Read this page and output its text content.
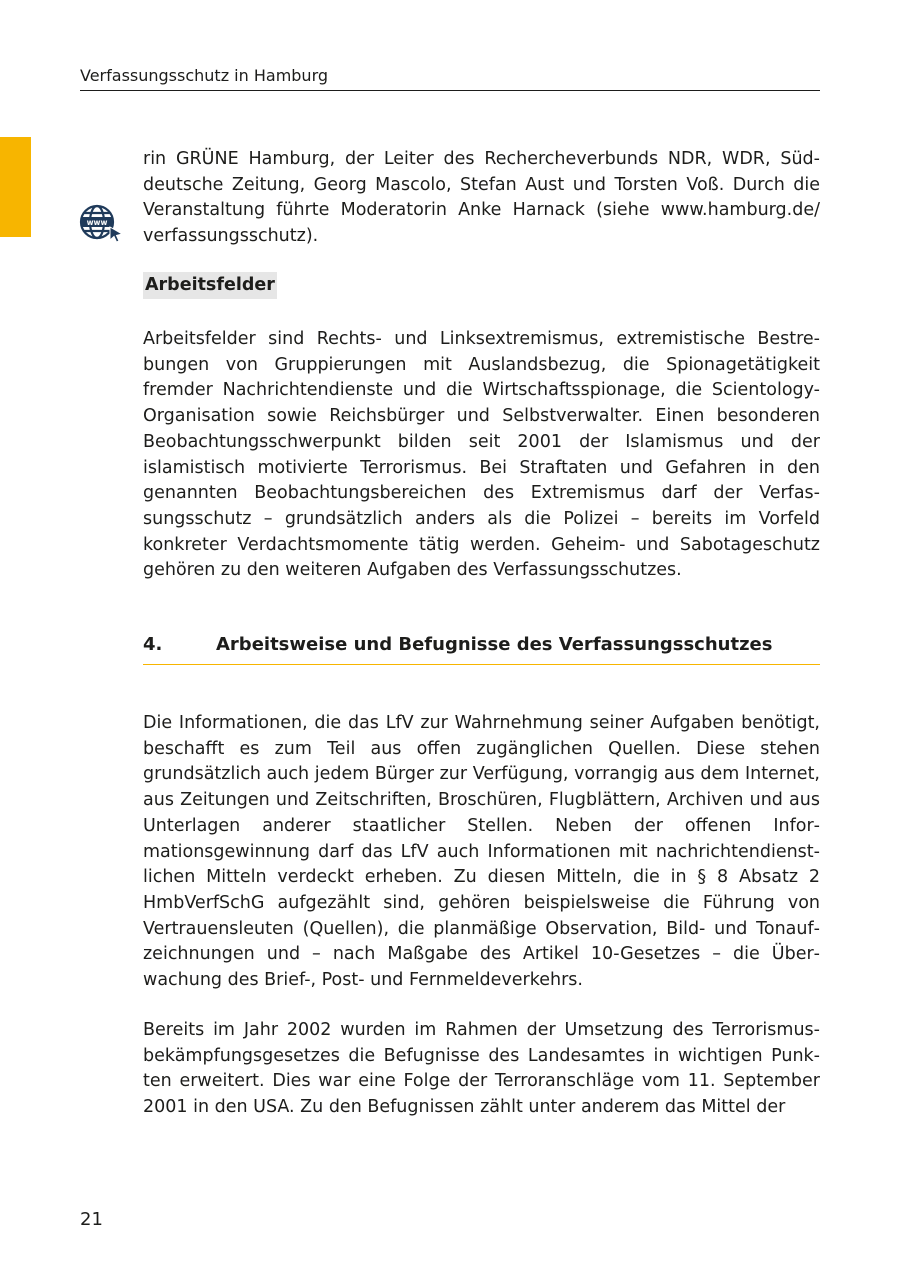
Verfassungsschutz in Hamburg
www
rin GRÜNE Hamburg, der Leiter des Rechercheverbunds NDR, WDR, Süddeutsche Zeitung, Georg Mascolo, Stefan Aust und Torsten Voß. Durch die Veranstaltung führte Moderatorin Anke Harnack (siehe www.hamburg.de/ verfassungsschutz).
Arbeitsfelder
Arbeitsfelder sind Rechts- und Linksextremismus, extremistische Bestrebungen von Gruppierungen mit Auslandsbezug, die Spionagetätigkeit fremder Nachrichtendienste und die Wirtschaftsspionage, die Scientology-Organisation sowie Reichsbürger und Selbstverwalter. Einen besonderen Beobachtungsschwerpunkt bilden seit 2001 der Islamismus und der islamistisch motivierte Terrorismus. Bei Straftaten und Gefahren in den genannten Beobachtungsbereichen des Extremismus darf der Verfassungsschutz – grundsätzlich anders als die Polizei – bereits im Vorfeld konkreter Verdachtsmomente tätig werden. Geheim- und Sabotageschutz gehören zu den weiteren Aufgaben des Verfassungsschutzes.
4.	Arbeitsweise und Befugnisse des Verfassungsschutzes
Die Informationen, die das LfV zur Wahrnehmung seiner Aufgaben benötigt, beschafft es zum Teil aus offen zugänglichen Quellen. Diese stehen grundsätzlich auch jedem Bürger zur Verfügung, vorrangig aus dem Internet, aus Zeitungen und Zeitschriften, Broschüren, Flugblättern, Archiven und aus Unterlagen anderer staatlicher Stellen. Neben der offenen Informationsgewinnung darf das LfV auch Informationen mit nachrichtendienstlichen Mitteln verdeckt erheben. Zu diesen Mitteln, die in § 8 Absatz 2 HmbVerfSchG aufgezählt sind, gehören beispielsweise die Führung von Vertrauensleuten (Quellen), die planmäßige Observation, Bild- und Tonaufzeichnungen und – nach Maßgabe des Artikel 10-Gesetzes – die Überwachung des Brief-, Post- und Fernmeldeverkehrs.
Bereits im Jahr 2002 wurden im Rahmen der Umsetzung des Terrorismusbekämpfungsgesetzes die Befugnisse des Landesamtes in wichtigen Punkten erweitert. Dies war eine Folge der Terroranschläge vom 11. September 2001 in den USA. Zu den Befugnissen zählt unter anderem das Mittel der
21
